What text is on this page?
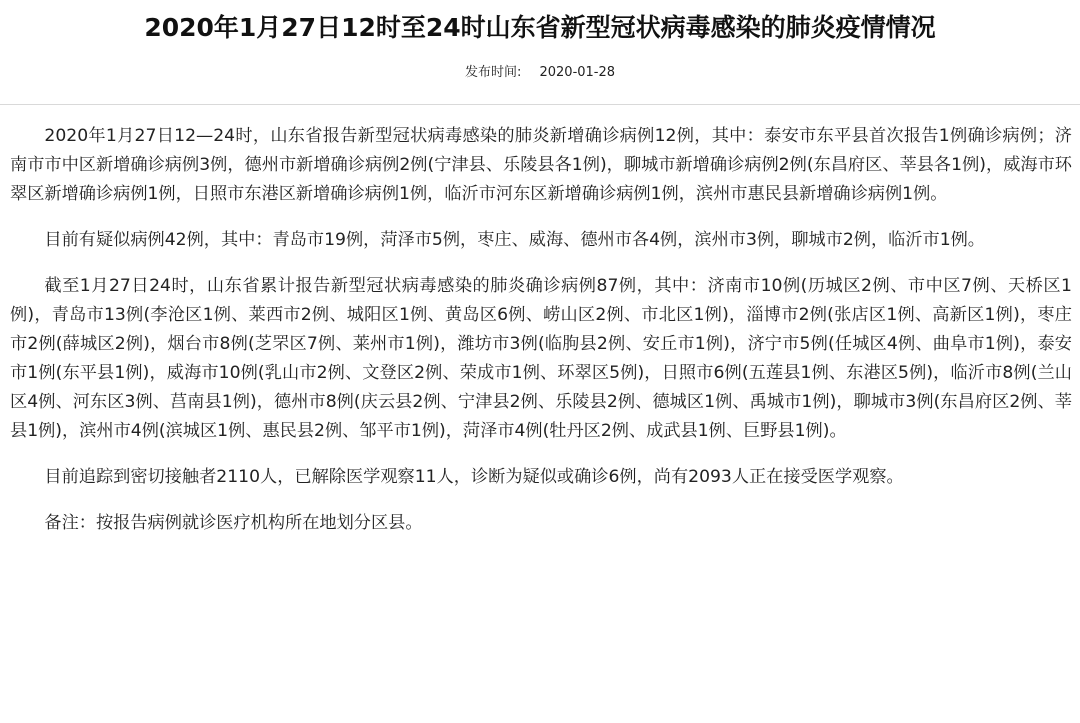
2020年1月27日12时至24时山东省新型冠状病毒感染的肺炎疫情情况
发布时间: 2020-01-28

2020年1月27日12—24时，山东省报告新型冠状病毒感染的肺炎新增确诊病例12例，其中：泰安市东平县首次报告1例确诊病例；济南市市中区新增确诊病例3例，德州市新增确诊病例2例(宁津县、乐陵县各1例)，聊城市新增确诊病例2例(东昌府区、莘县各1例)，威海市环翠区新增确诊病例1例，日照市东港区新增确诊病例1例，临沂市河东区新增确诊病例1例，滨州市惠民县新增确诊病例1例。

目前有疑似病例42例，其中：青岛市19例，菏泽市5例，枣庄、威海、德州市各4例，滨州市3例，聊城市2例，临沂市1例。

截至1月27日24时，山东省累计报告新型冠状病毒感染的肺炎确诊病例87例，其中：济南市10例(历城区2例、市中区7例、天桥区1例)，青岛市13例(李沧区1例、莱西市2例、城阳区1例、黄岛区6例、崂山区2例、市北区1例)，淄博市2例(张店区1例、高新区1例)，枣庄市2例(薛城区2例)，烟台市8例(芝罘区7例、莱州市1例)，潍坊市3例(临朐县2例、安丘市1例)，济宁市5例(任城区4例、曲阜市1例)，泰安市1例(东平县1例)，威海市10例(乳山市2例、文登区2例、荣成市1例、环翠区5例)，日照市6例(五莲县1例、东港区5例)，临沂市8例(兰山区4例、河东区3例、莒南县1例)，德州市8例(庆云县2例、宁津县2例、乐陵县2例、德城区1例、禹城市1例)，聊城市3例(东昌府区2例、莘县1例)，滨州市4例(滨城区1例、惠民县2例、邹平市1例)，菏泽市4例(牡丹区2例、成武县1例、巨野县1例)。

目前追踪到密切接触者2110人，已解除医学观察11人，诊断为疑似或确诊6例，尚有2093人正在接受医学观察。

备注：按报告病例就诊医疗机构所在地划分区县。
